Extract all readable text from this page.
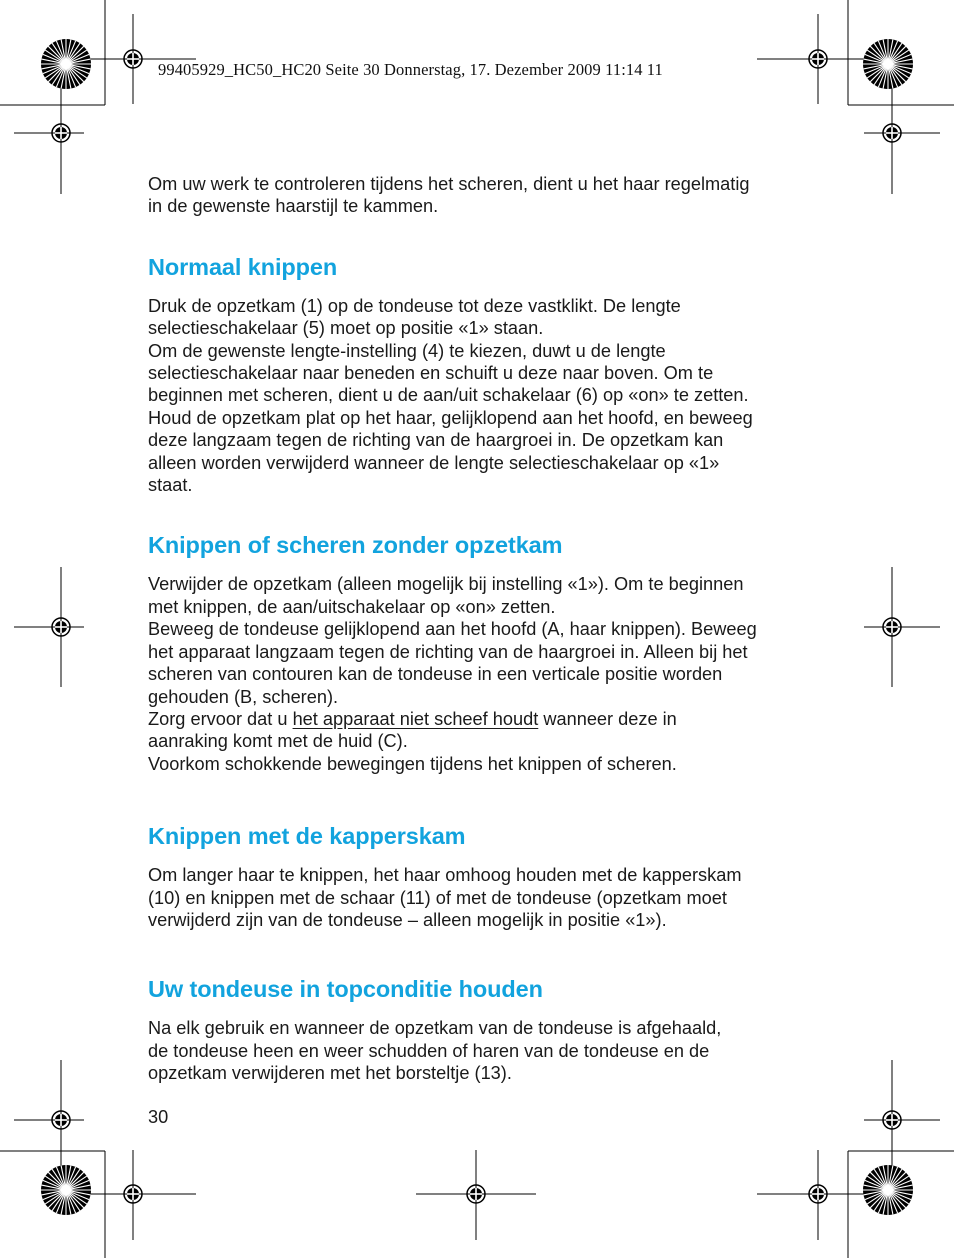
99405929_HC50_HC20 Seite 30 Donnerstag, 17. Dezember 2009 11:14 11

Om uw werk te controleren tijdens het scheren, dient u het haar regelmatig
in de gewenste haarstijl te kammen.

Normaal knippen

Druk de opzetkam (1) op de tondeuse tot deze vastklikt. De lengte
selectieschakelaar (5) moet op positie «1» staan.
Om de gewenste lengte-instelling (4) te kiezen, duwt u de lengte
selectieschakelaar naar beneden en schuift u deze naar boven. Om te
beginnen met scheren, dient u de aan/uit schakelaar (6) op «on» te zetten.
Houd de opzetkam plat op het haar, gelijklopend aan het hoofd, en beweeg
deze langzaam tegen de richting van de haargroei in. De opzetkam kan
alleen worden verwijderd wanneer de lengte selectieschakelaar op «1»
staat.

Knippen of scheren zonder opzetkam

Verwijder de opzetkam (alleen mogelijk bij instelling «1»). Om te beginnen
met knippen, de aan/uitschakelaar op «on» zetten.
Beweeg de tondeuse gelijklopend aan het hoofd (A, haar knippen). Beweeg
het apparaat langzaam tegen de richting van de haargroei in. Alleen bij het
scheren van contouren kan de tondeuse in een verticale positie worden
gehouden (B, scheren).
Zorg ervoor dat u het apparaat niet scheef houdt wanneer deze in
aanraking komt met de huid (C).
Voorkom schokkende bewegingen tijdens het knippen of scheren.

Knippen met de kapperskam

Om langer haar te knippen, het haar omhoog houden met de kapperskam
(10) en knippen met de schaar (11) of met de tondeuse (opzetkam moet
verwijderd zijn van de tondeuse – alleen mogelijk in positie «1»).

Uw tondeuse in topconditie houden

Na elk gebruik en wanneer de opzetkam van de tondeuse is afgehaald,
de tondeuse heen en weer schudden of haren van de tondeuse en de
opzetkam verwijderen met het borsteltje (13).

30
